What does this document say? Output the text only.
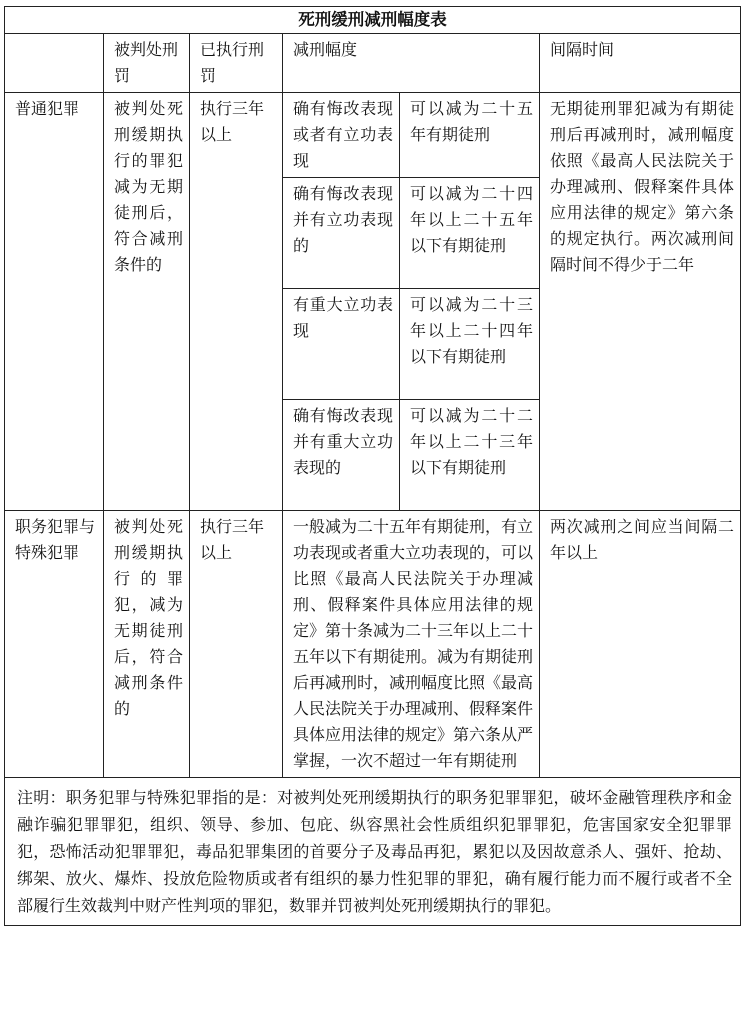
死刑缓刑减刑幅度表					
	被判处刑罚	已执行刑罚	减刑幅度		间隔时间
普通犯罪	被判处死刑缓期执行的罪犯减为无期徒刑后，符合减刑条件的	执行三年以上	确有悔改表现或者有立功表现	可以减为二十五年有期徒刑	无期徒刑罪犯减为有期徒刑后再减刑时，减刑幅度依照《最高人民法院关于办理减刑、假释案件具体应用法律的规定》第六条的规定执行。两次减刑间隔时间不得少于二年
			确有悔改表现并有立功表现的	可以减为二十四年以上二十五年以下有期徒刑	
			有重大立功表现	可以减为二十三年以上二十四年以下有期徒刑	
			确有悔改表现并有重大立功表现的	可以减为二十二年以上二十三年以下有期徒刑	
职务犯罪与特殊犯罪	被判处死刑缓期执行的罪犯，减为无期徒刑后，符合减刑条件的	执行三年以上	一般减为二十五年有期徒刑，有立功表现或者重大立功表现的，可以比照《最高人民法院关于办理减刑、假释案件具体应用法律的规定》第十条减为二十三年以上二十五年以下有期徒刑。减为有期徒刑后再减刑时，减刑幅度比照《最高人民法院关于办理减刑、假释案件具体应用法律的规定》第六条从严掌握，一次不超过一年有期徒刑		两次减刑之间应当间隔二年以上
注明：职务犯罪与特殊犯罪指的是：对被判处死刑缓期执行的职务犯罪罪犯，破坏金融管理秩序和金融诈骗犯罪罪犯，组织、领导、参加、包庇、纵容黑社会性质组织犯罪罪犯，危害国家安全犯罪罪犯，恐怖活动犯罪罪犯，毒品犯罪集团的首要分子及毒品再犯，累犯以及因故意杀人、强奸、抢劫、绑架、放火、爆炸、投放危险物质或者有组织的暴力性犯罪的罪犯，确有履行能力而不履行或者不全部履行生效裁判中财产性判项的罪犯，数罪并罚被判处死刑缓期执行的罪犯。					
